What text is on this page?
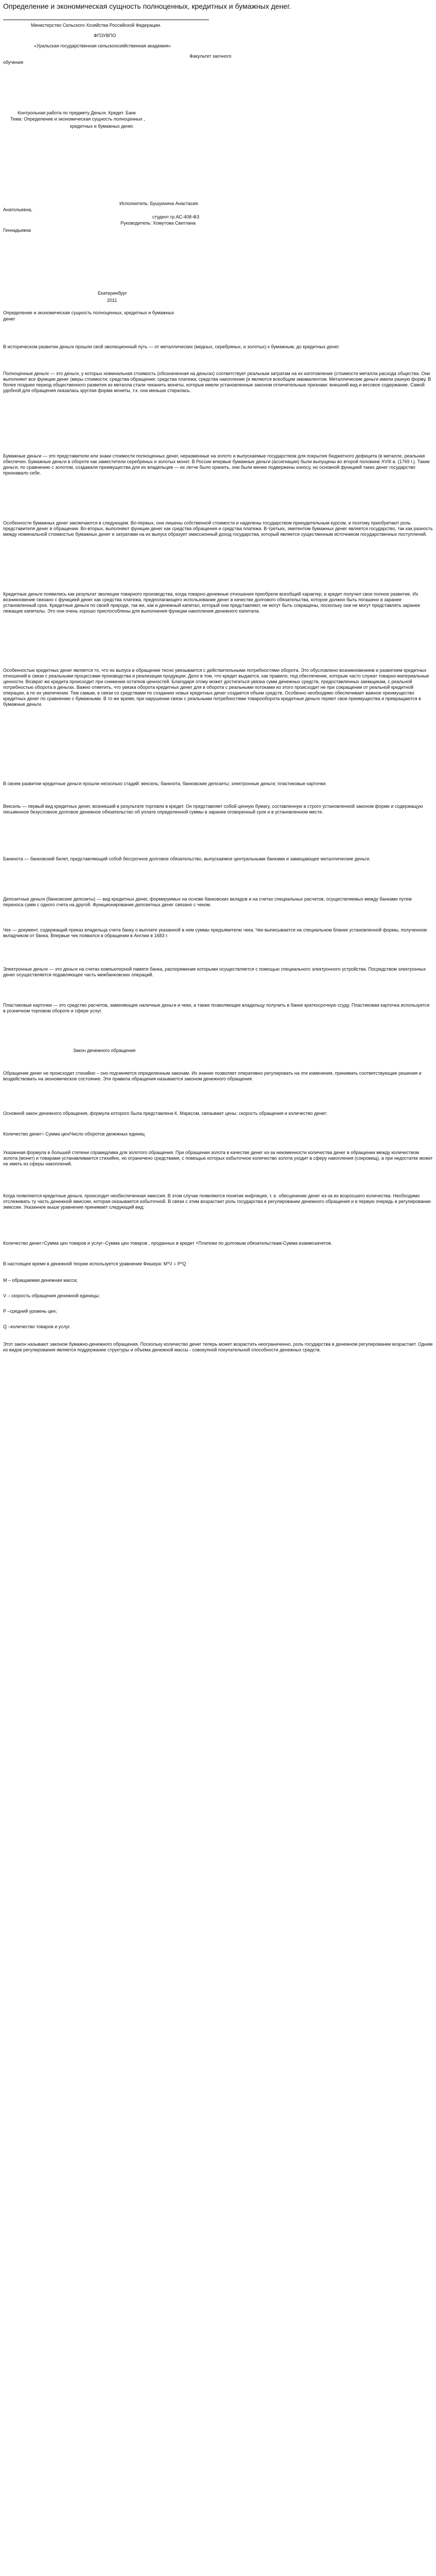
Определение и экономическая сущность полноценных, кредитных и бумажных денег.
Министерство Сельского Хозяйства Российской Федерации.
ФГОУВПО
«Уральская государственная сельскохозяйственная академия»
Факультет заочного
обучения
Контрольная работа по предмету Деньги. Кредит. Банк
Тема: Определение и экономическая сущность полноценных ,
кредитных и бумажных денег.
Исполнитель: Бушуихина Анастасия
Анатольевна,
студент гр.АС-408-ФЗ
Руководитель: Хомутова Светлана
Геннадьевна
Екатеринбург
2011
Определение и экономическая сущность полноценных, кредитных и бумажных
денег
В историческом развитии деньги прошли свой эволюционный путь — от металлических (медных, серебряных, и золотых) к бумажным, до кредитных денег.
Полноценные деньги — это деньги, у которых номинальная стоимость (обозначенная на деньгах) соответствует реальным затратам на их изготовление (стоимости металла расхода общества. Они выполняют все функции денег (меры стоимости; средства обращения; средства платежа; средства накопления (и являются всеобщим эквивалентом. Металлические деньги имели разную форму. В более позднее период общественного развития из металла стали чеканить монеты, которые имели установленные законом отличительные признаки: внешний вид и весовое содержание. Самой удобной для обращения оказалась круглая форма монеты, т.к. она меньше стиралась.
Бумажные деньги — это представители или знаки стоимости полноценных денег, неразменные на золото и выпускаемые государством для покрытия бюджетного дефицита (в металле, реальная обеспечен. Бумажные деньги в обороте как заместители серебряных и золотых монет. В России впервые бумажные деньги (ассигнации) были выпущены во второй половине XVIII в. (1769 г.). Такие деньги, по сравнению с золотом, создавали преимущества для их владельцев — их легче было хранить, они были менее подвержены износу, но основной функцией таких денег государство признавало себе.
Особенности бумажных денег заключаются в следующем. Во-первых, они лишены собственной стоимости и наделены государством принудительным курсом, и поэтому приобретают роль представителя денег в обращении. Во-вторых, выполняют функции денег как средства обращения и средства платежа. В-третьих, эмитентом бумажных денег является государство, так как разность между номинальной стоимостью бумажных денег и затратами на их выпуск образует эмиссионный доход государства, который является существенным источником государственных поступлений.
Кредитные деньги появились как результат эволюции товарного производства, когда товарно-денежные отношения приобрели всеобщий характер, в кредит получил свое полное развитие. Их возникновение связано с функцией денег как средства платежа, предполагающего использование денег в качестве долгового обязательства, которое должно быть погашено в заранее установленный срок. Кредитные деньги по своей природе, так же, как и денежный капитал, который они представляют, не могут быть сокращены, поскольку они не могут представлять заранее лежащие капиталы. Это они очень хорошо приспособлены для выполнения функции накопления денежного капитала.
Особенностью кредитных денег является то, что их выпуск в обращение тесно увязывается с действительными потребностями оборота. Это обусловлено возникновением и развитием кредитных отношений в связи с реальными процессами производства и реализации продукции. Дело в том, что кредит выдается, как правило, под обеспечение, которым часто служат товарно-материальные ценности. Возврат же кредита происходит при снижении остатков ценностей. Благодаря этому может достигаться увязка сумм денежных средств, предоставленных заемщикам, с реальной потребностью оборота в деньгах. Важно отметить, что увязка оборота кредитных денег для в оборота с реальными потоками из этого происходит не при сокращении от реальной кредитной операции, а по их увеличении. Тем самым, в связи со средствами по созданию новых кредитных денег создается объем средств. Особенно необходимо обеспечивает важное преимущество кредитных денег по сравнению с бумажными. В то же время, при нарушении связи с реальными потребностями товарооборота кредитные деньги теряют свои преимущества и превращаются в бумажные деньги.
В своем развитии кредитные деньги прошли несколько стадий: вексель; банкнота, банковские депозиты; электронные деньги; пластиковые карточки.
Вексель — первый вид кредитных денег, возникший в результате торговли в кредит. Он представляет собой ценную бумагу, составленную в строго установленной законом форме и содержащую письменное безусловное долговое денежное обязательство об уплате определенной суммы в заранее оговоренный срок и в установленном месте.
Банкнота — банковский билет, представляющий собой бессрочное долговое обязательство, выпускаемое центральными банками и замещающее металлические деньги.
Депозитные деньги (банковские депозиты) — вид кредитных денег, формируемых на основе банковских вкладов и на счетах специальных расчетов, осуществляемых между банками путем переноса сумм с одного счета на другой. Функционирование депозитных денег связано с чеком.
Чек — документ, содержащий приказ владельца счета банку о выплате указанной в нем суммы предъявителю чека. Чек выписывается на специальном бланке установленной формы, полученном вкладчиком от банка. Впервые чек появился в обращении в Англии в 1683 г.
Электронные деньги — это деньги на счетах компьютерной памяти банка, распоряжение которыми осуществляется с помощью специального электронного устройства. Посредством электронных денег осуществляется подавляющее часть межбанковских операций.
Пластиковые карточки — это средство расчетов, заменяющее наличные деньги и чеки, а также позволяющее владельцу получить в банке краткосрочную ссуду. Пластиковая карточка используется в розничном торговом обороте и сфере услуг.
Закон денежного обращения
Обращение денег не происходит стихийно – оно подчиняется определенным законам. Их знание позволяет оперативно регулировать на эти изменения, принимать соответствующие решения и воздействовать на экономическое состояние. Эти правила обращения называются законом денежного обращения.
Основной закон денежного обращения, формула которого была представлена К. Марксом, связывает цены; скорость обращения и количество денег:
Количество денег= Сумма цен/Число оборотов денежных единиц
Указанная формула в большей степени справедлива для золотого обращения. При обращении золота в качестве денег из-за неизменности количества денег в обращении между количеством золота (монет) и товарами устанавливается стихийно, но ограничено средствами, с помощью которых избыточное количество золота уходит в сферу накопления (сокровищ), а при недостатке может не иметь из сферы накоплений.
Когда появляются кредитные деньги, происходит необеспеченная эмиссия. В этом случае появляются понятие инфляция, т. е. обесценение денег из-за их возросшего количества. Необходимо отслеживать ту часть денежной эмиссии, которая оказывается избыточной. В связи с этим возрастает роль государства в регулировании денежного обращения и в первую очередь в регулировании эмиссии. Указанное выше уравнение принимает следующий вид:
Количество денег=Сумма цен товаров и услуг–Сумма цен товаров , проданных в кредит +Платежи по долговым обязательствам-Сумма взаимозачетов.
В настоящее время в денежной теории используется уравнение Фишера: M*V = P*Q
М – обращаемая денежная масса;
V – скорость обращения денежной единицы;
Р –средний уровень цен;
Q –количество товаров и услуг.
Этот закон называют законом бумажно-денежного обращения. Поскольку количество денег теперь может возрастать неограниченно, роль государства в денежном регулировании возрастает. Одним из видов регулирования является поддержание структуры и объема денежной массы - совокупной покупательной способности денежных средств.
